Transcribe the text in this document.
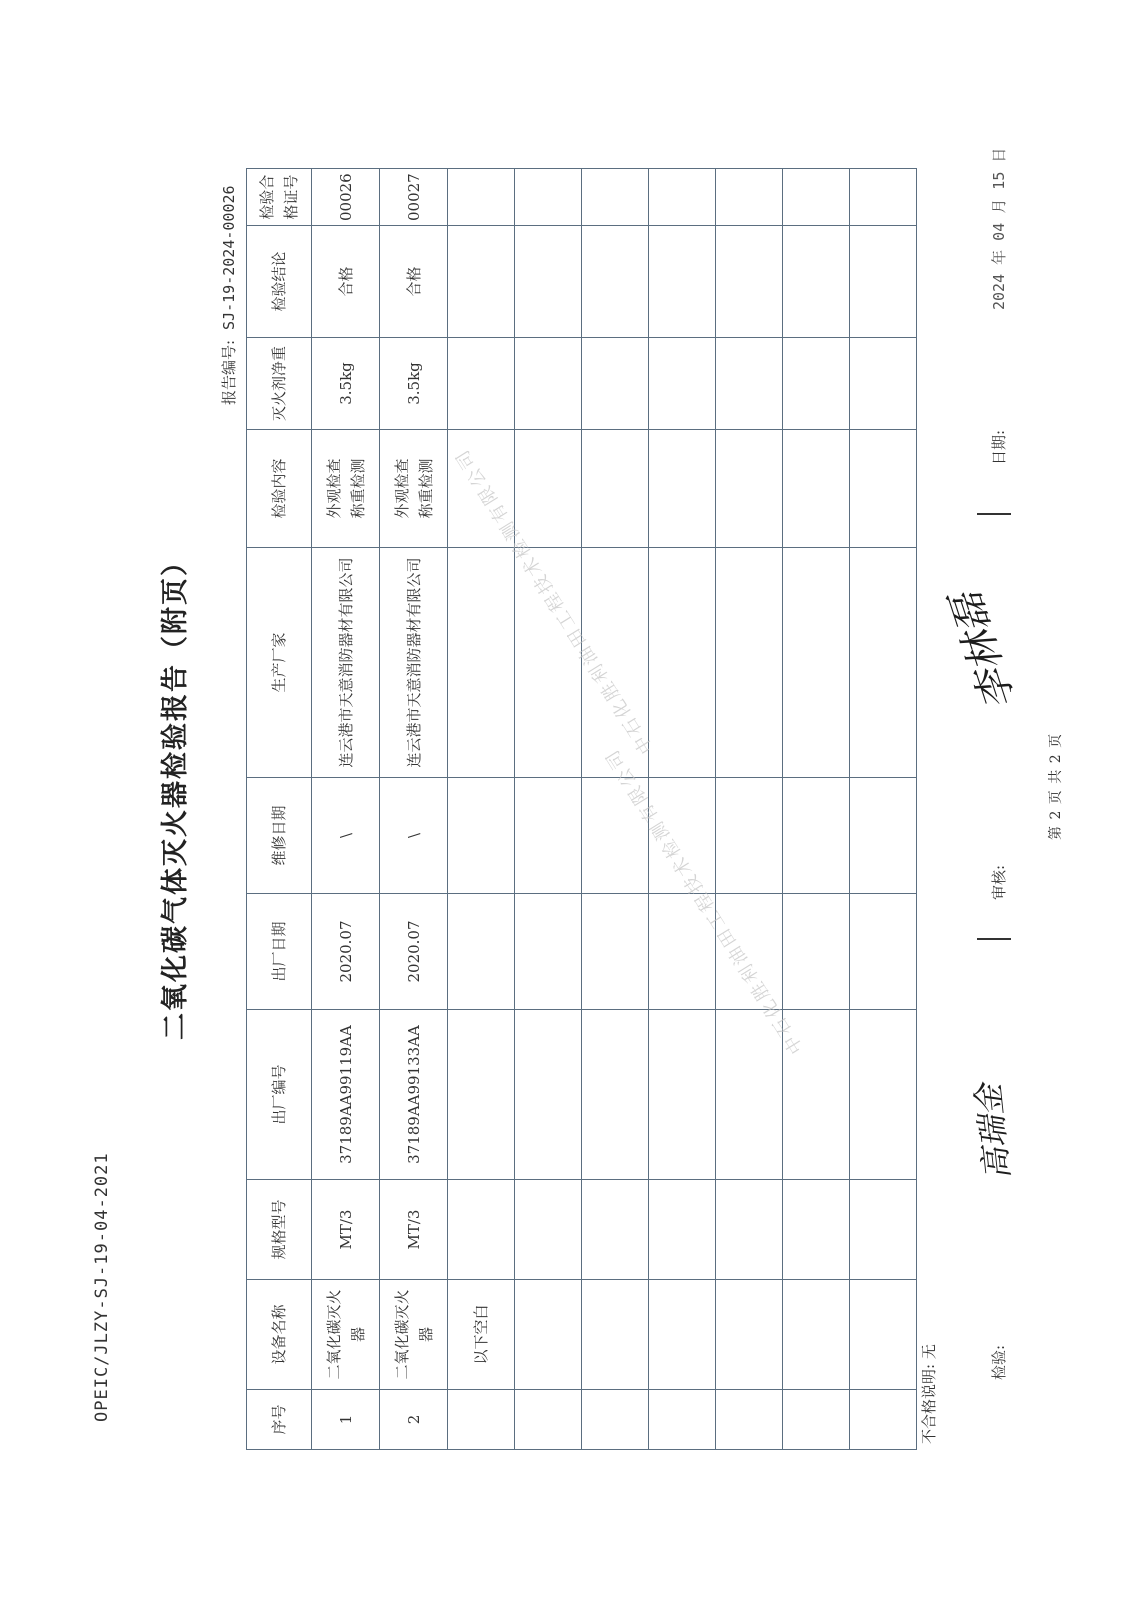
OPEIC/JLZY-SJ-19-04-2021
二氧化碳气体灭火器检验报告（附页）
报告编号:SJ-19-2024-00026
序号	设备名称	规格型号	出厂编号	出厂日期	维修日期	生产厂家	检验内容	灭火剂净重	检验结论	检验合格证号
1	二氧化碳灭火器	MT/3	37189AA99119AA	2020.07	\	连云港市天意消防器材有限公司	外观检查 称重检测	3.5kg	合格	00026
2	二氧化碳灭火器	MT/3	37189AA99133AA	2020.07	\	连云港市天意消防器材有限公司	外观检查 称重检测	3.5kg	合格	00027
	以下空白									

不合格说明: 无	检验:
高瑞金
审核:
李林磊
日期:
2024 年 04 月 15 日
第 2 页 共 2 页
中石化胜利油田工程技术检测有限公司
中石化胜利油田工程技术检测有限公司
